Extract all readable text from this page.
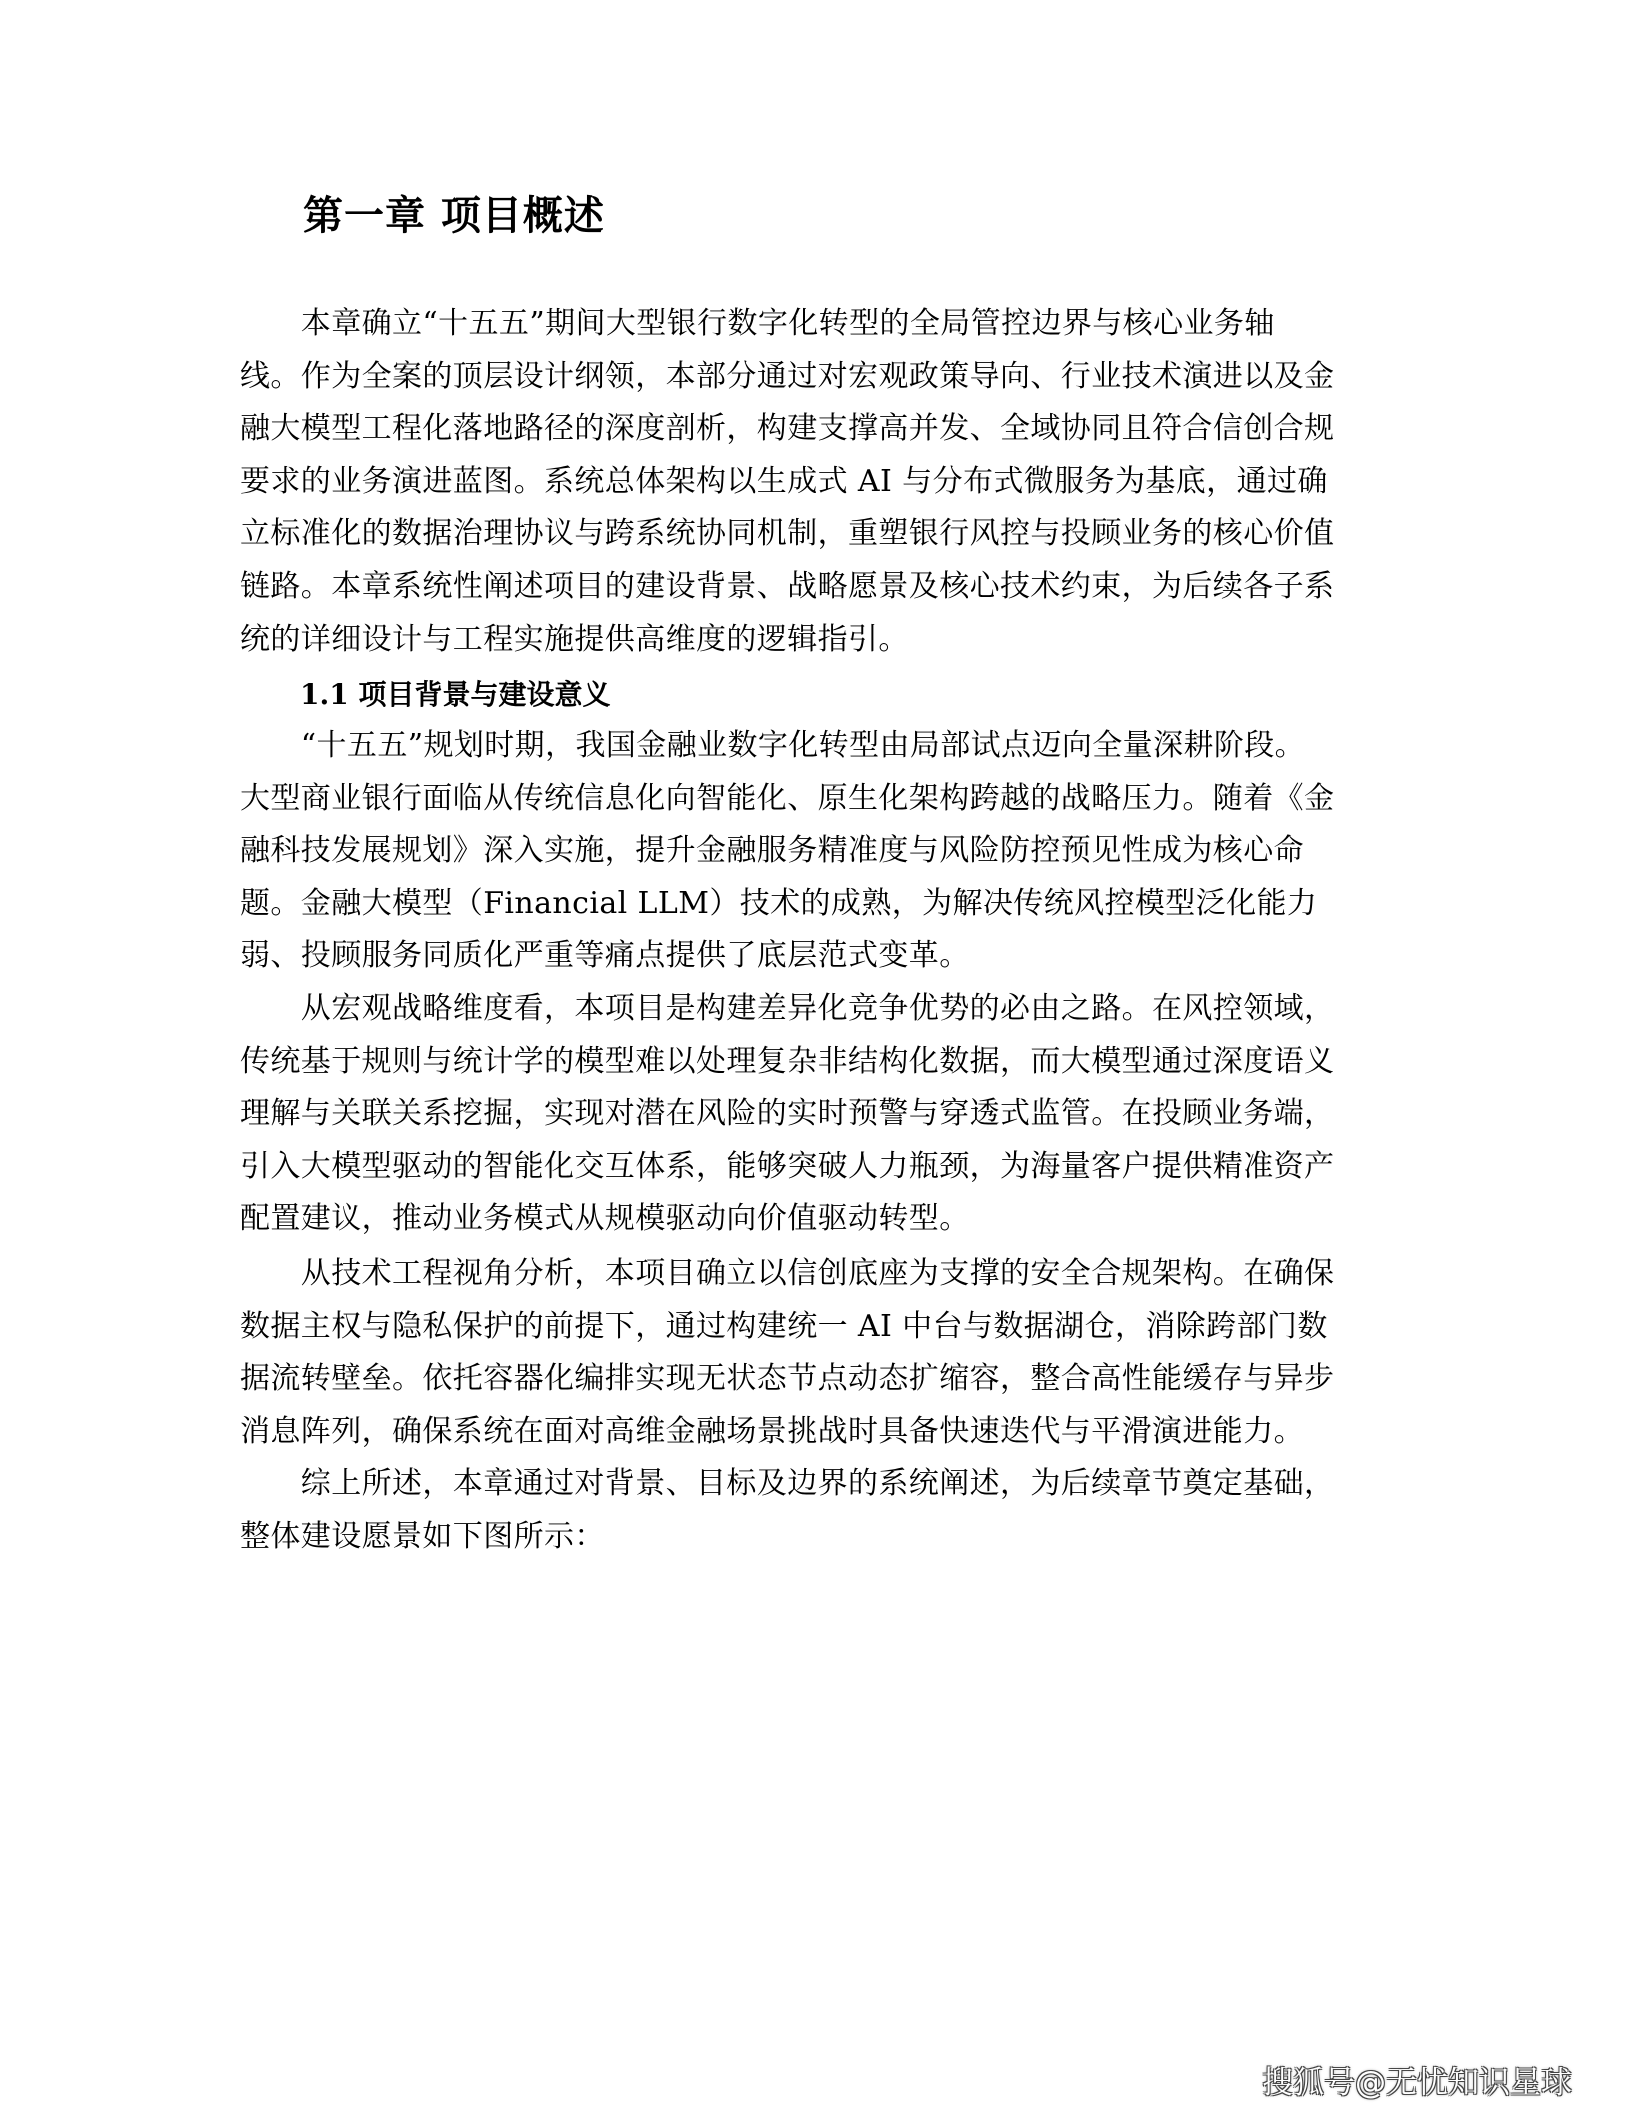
第一章 项目概述

　　本章确立“十五五”期间大型银行数字化转型的全局管控边界与核心业务轴
线。作为全案的顶层设计纲领，本部分通过对宏观政策导向、行业技术演进以及金
融大模型工程化落地路径的深度剖析，构建支撑高并发、全域协同且符合信创合规
要求的业务演进蓝图。系统总体架构以生成式 AI 与分布式微服务为基底，通过确
立标准化的数据治理协议与跨系统协同机制，重塑银行风控与投顾业务的核心价值
链路。本章系统性阐述项目的建设背景、战略愿景及核心技术约束，为后续各子系
统的详细设计与工程实施提供高维度的逻辑指引。

1.1 项目背景与建设意义

　　“十五五”规划时期，我国金融业数字化转型由局部试点迈向全量深耕阶段。
大型商业银行面临从传统信息化向智能化、原生化架构跨越的战略压力。随着《金
融科技发展规划》深入实施，提升金融服务精准度与风险防控预见性成为核心命
题。金融大模型（Financial LLM）技术的成熟，为解决传统风控模型泛化能力
弱、投顾服务同质化严重等痛点提供了底层范式变革。

　　从宏观战略维度看，本项目是构建差异化竞争优势的必由之路。在风控领域，
传统基于规则与统计学的模型难以处理复杂非结构化数据，而大模型通过深度语义
理解与关联关系挖掘，实现对潜在风险的实时预警与穿透式监管。在投顾业务端，
引入大模型驱动的智能化交互体系，能够突破人力瓶颈，为海量客户提供精准资产
配置建议，推动业务模式从规模驱动向价值驱动转型。

　　从技术工程视角分析，本项目确立以信创底座为支撑的安全合规架构。在确保
数据主权与隐私保护的前提下，通过构建统一 AI 中台与数据湖仓，消除跨部门数
据流转壁垒。依托容器化编排实现无状态节点动态扩缩容，整合高性能缓存与异步
消息阵列，确保系统在面对高维金融场景挑战时具备快速迭代与平滑演进能力。

　　综上所述，本章通过对背景、目标及边界的系统阐述，为后续章节奠定基础，
整体建设愿景如下图所示：

搜狐号@无忧知识星球
